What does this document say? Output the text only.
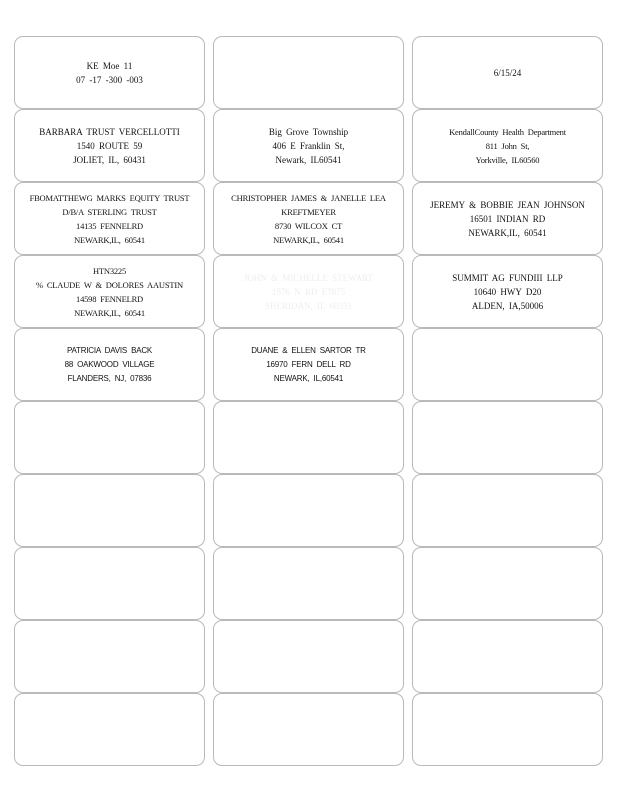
KE Moe 11
07 -17 -300 -003
6/15/24
BARBARA TRUST VERCELLOTTI
1540 ROUTE 59
JOLIET, IL, 60431
Big Grove Township
406 E Franklin St,
Newark, IL60541
KendallCounty Health Department
811 John St,
Yorkville, IL60560
FBOMATTHEWG MARKS EQUITY TRUST
D/B/A STERLING TRUST
14135 FENNELRD
NEWARK,IL, 60541
CHRISTOPHER JAMES & JANELLE LEA
KREFTMEYER
8730 WILCOX CT
NEWARK,IL, 60541
JEREMY & BOBBIE JEAN JOHNSON
16501 INDIAN RD
NEWARK,IL, 60541
HTN3225
% CLAUDE W & DOLORES AAUSTIN
14598 FENNELRD
NEWARK,IL, 60541
JOHN & MICHELLE STEWART
1576 N RD E7875
SHERIDAN, IL 60551
SUMMIT AG FUNDIII LLP
10640 HWY D20
ALDEN, IA,50006
PATRICIA DAVIS BACK
88 OAKWOOD VILLAGE
FLANDERS, NJ, 07836
DUANE & ELLEN SARTOR TR
16970 FERN DELL RD
NEWARK, IL,60541
